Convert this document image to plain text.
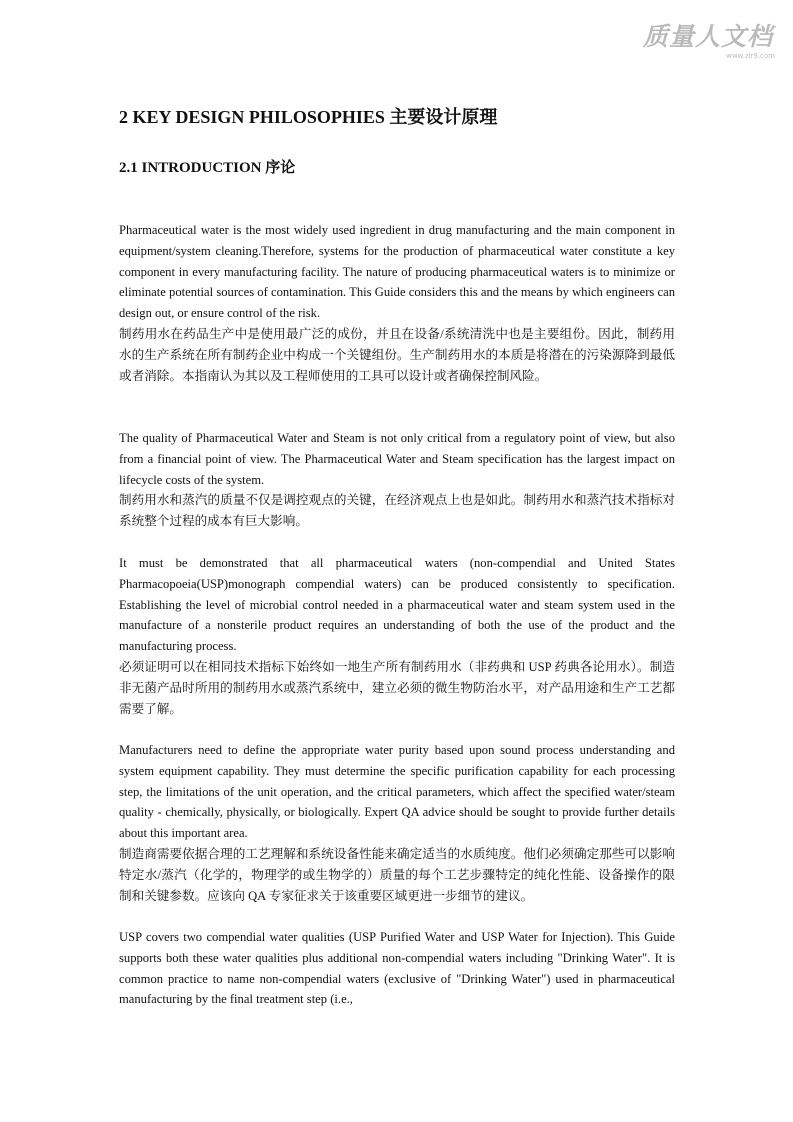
质量人文档
www.zlr9.com
2 KEY DESIGN PHILOSOPHIES 主要设计原理
2.1 INTRODUCTION 序论
Pharmaceutical water is the most widely used ingredient in drug manufacturing and the main component in equipment/system cleaning.Therefore, systems for the production of pharmaceutical water constitute a key component in every manufacturing facility. The nature of producing pharmaceutical waters is to minimize or eliminate potential sources of contamination. This Guide considers this and the means by which engineers can design out, or ensure control of the risk.
制药用水在药品生产中是使用最广泛的成份，并且在设备/系统清洗中也是主要组份。因此，制药用水的生产系统在所有制药企业中构成一个关键组份。生产制药用水的本质是将潜在的污染源降到最低或者消除。本指南认为其以及工程师使用的工具可以设计或者确保控制风险。
The quality of Pharmaceutical Water and Steam is not only critical from a regulatory point of view, but also from a financial point of view. The Pharmaceutical Water and Steam specification has the largest impact on lifecycle costs of the system.
制药用水和蒸汽的质量不仅是调控观点的关键，在经济观点上也是如此。制药用水和蒸汽技术指标对系统整个过程的成本有巨大影响。
It must be demonstrated that all pharmaceutical waters (non-compendial and United States Pharmacopoeia(USP)monograph compendial waters) can be produced consistently to specification. Establishing the level of microbial control needed in a pharmaceutical water and steam system used in the manufacture of a nonsterile product requires an understanding of both the use of the product and the manufacturing process.
必须证明可以在相同技术指标下始终如一地生产所有制药用水（非药典和 USP 药典各论用水）。制造非无菌产品时所用的制药用水或蒸汽系统中，建立必须的微生物防治水平，对产品用途和生产工艺都需要了解。
Manufacturers need to define the appropriate water purity based upon sound process understanding and system equipment capability. They must determine the specific purification capability for each processing step, the limitations of the unit operation, and the critical parameters, which affect the specified water/steam quality - chemically, physically, or biologically. Expert QA advice should be sought to provide further details about this important area.
制造商需要依据合理的工艺理解和系统设备性能来确定适当的水质纯度。他们必须确定那些可以影响特定水/蒸汽（化学的，物理学的或生物学的）质量的每个工艺步骤特定的纯化性能、设备操作的限制和关键参数。应该向 QA 专家征求关于该重要区域更进一步细节的建议。
USP covers two compendial water qualities (USP Purified Water and USP Water for Injection). This Guide supports both these water qualities plus additional non-compendial waters including "Drinking Water". It is common practice to name non-compendial waters (exclusive of "Drinking Water") used in pharmaceutical manufacturing by the final treatment step (i.e.,
